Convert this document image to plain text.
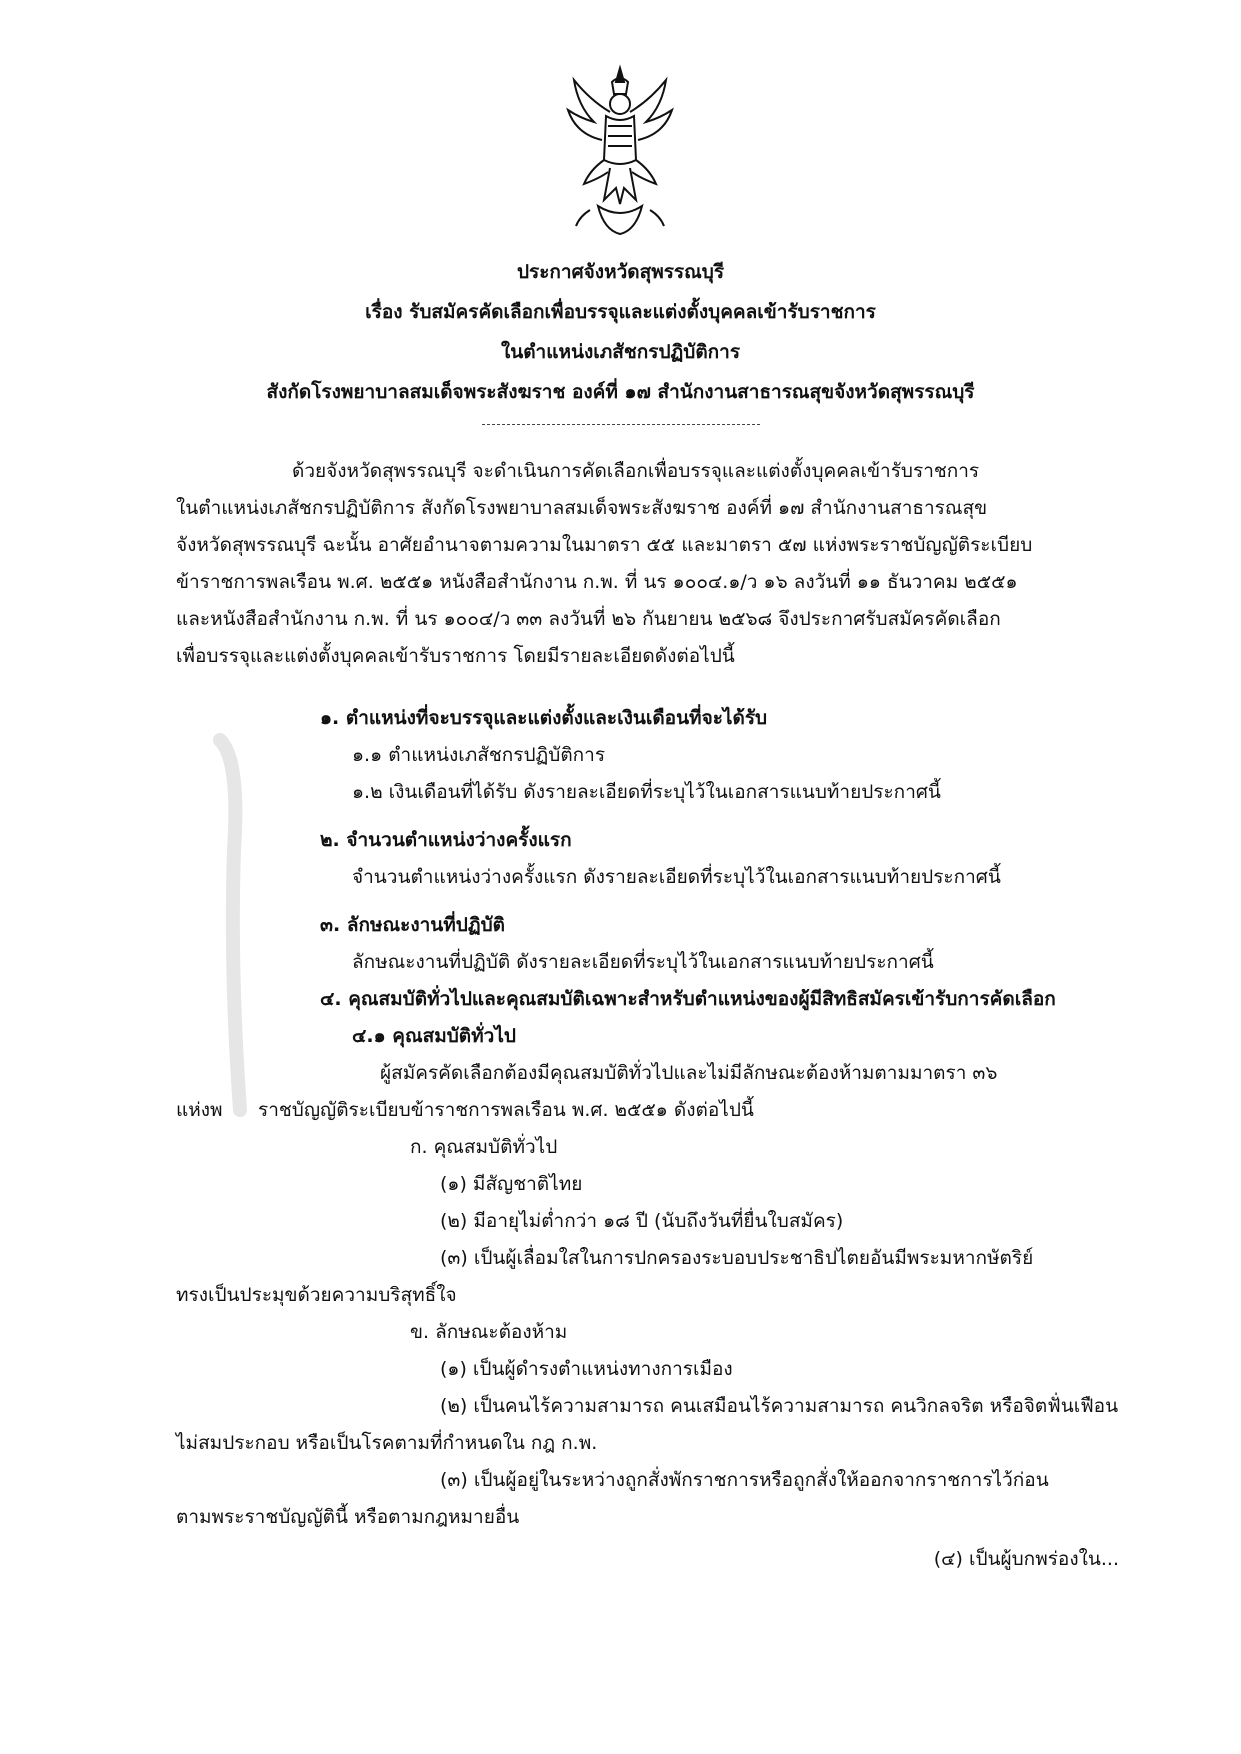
ประกาศจังหวัดสุพรรณบุรี
เรื่อง รับสมัครคัดเลือกเพื่อบรรจุและแต่งตั้งบุคคลเข้ารับราชการ
ในตำแหน่งเภสัชกรปฏิบัติการ
สังกัดโรงพยาบาลสมเด็จพระสังฆราช องค์ที่ ๑๗ สำนักงานสาธารณสุขจังหวัดสุพรรณบุรี
ด้วยจังหวัดสุพรรณบุรี จะดำเนินการคัดเลือกเพื่อบรรจุและแต่งตั้งบุคคลเข้ารับราชการ
ในตำแหน่งเภสัชกรปฏิบัติการ สังกัดโรงพยาบาลสมเด็จพระสังฆราช องค์ที่ ๑๗ สำนักงานสาธารณสุข
จังหวัดสุพรรณบุรี ฉะนั้น อาศัยอำนาจตามความในมาตรา ๕๕ และมาตรา ๕๗ แห่งพระราชบัญญัติระเบียบ
ข้าราชการพลเรือน พ.ศ. ๒๕๕๑ หนังสือสำนักงาน ก.พ. ที่ นร ๑๐๐๔.๑/ว ๑๖ ลงวันที่ ๑๑ ธันวาคม ๒๕๕๑
และหนังสือสำนักงาน ก.พ. ที่ นร ๑๐๐๔/ว ๓๓ ลงวันที่ ๒๖ กันยายน ๒๕๖๘ จึงประกาศรับสมัครคัดเลือก
เพื่อบรรจุและแต่งตั้งบุคคลเข้ารับราชการ โดยมีรายละเอียดดังต่อไปนี้
๑. ตำแหน่งที่จะบรรจุและแต่งตั้งและเงินเดือนที่จะได้รับ
๑.๑ ตำแหน่งเภสัชกรปฏิบัติการ
๑.๒ เงินเดือนที่ได้รับ ดังรายละเอียดที่ระบุไว้ในเอกสารแนบท้ายประกาศนี้
๒. จำนวนตำแหน่งว่างครั้งแรก
จำนวนตำแหน่งว่างครั้งแรก ดังรายละเอียดที่ระบุไว้ในเอกสารแนบท้ายประกาศนี้
๓. ลักษณะงานที่ปฏิบัติ
ลักษณะงานที่ปฏิบัติ ดังรายละเอียดที่ระบุไว้ในเอกสารแนบท้ายประกาศนี้
๔. คุณสมบัติทั่วไปและคุณสมบัติเฉพาะสำหรับตำแหน่งของผู้มีสิทธิสมัครเข้ารับการคัดเลือก
๔.๑ คุณสมบัติทั่วไป
ผู้สมัครคัดเลือกต้องมีคุณสมบัติทั่วไปและไม่มีลักษณะต้องห้ามตามมาตรา ๓๖
แห่งพ ราชบัญญัติระเบียบข้าราชการพลเรือน พ.ศ. ๒๕๕๑ ดังต่อไปนี้
ก. คุณสมบัติทั่วไป
(๑) มีสัญชาติไทย
(๒) มีอายุไม่ต่ำกว่า ๑๘ ปี (นับถึงวันที่ยื่นใบสมัคร)
(๓) เป็นผู้เลื่อมใสในการปกครองระบอบประชาธิปไตยอันมีพระมหากษัตริย์
ทรงเป็นประมุขด้วยความบริสุทธิ์ใจ
ข. ลักษณะต้องห้าม
(๑) เป็นผู้ดำรงตำแหน่งทางการเมือง
(๒) เป็นคนไร้ความสามารถ คนเสมือนไร้ความสามารถ คนวิกลจริต หรือจิตฟั่นเฟือน
ไม่สมประกอบ หรือเป็นโรคตามที่กำหนดใน กฎ ก.พ.
(๓) เป็นผู้อยู่ในระหว่างถูกสั่งพักราชการหรือถูกสั่งให้ออกจากราชการไว้ก่อน
ตามพระราชบัญญัตินี้ หรือตามกฎหมายอื่น
(๔) เป็นผู้บกพร่องใน...
